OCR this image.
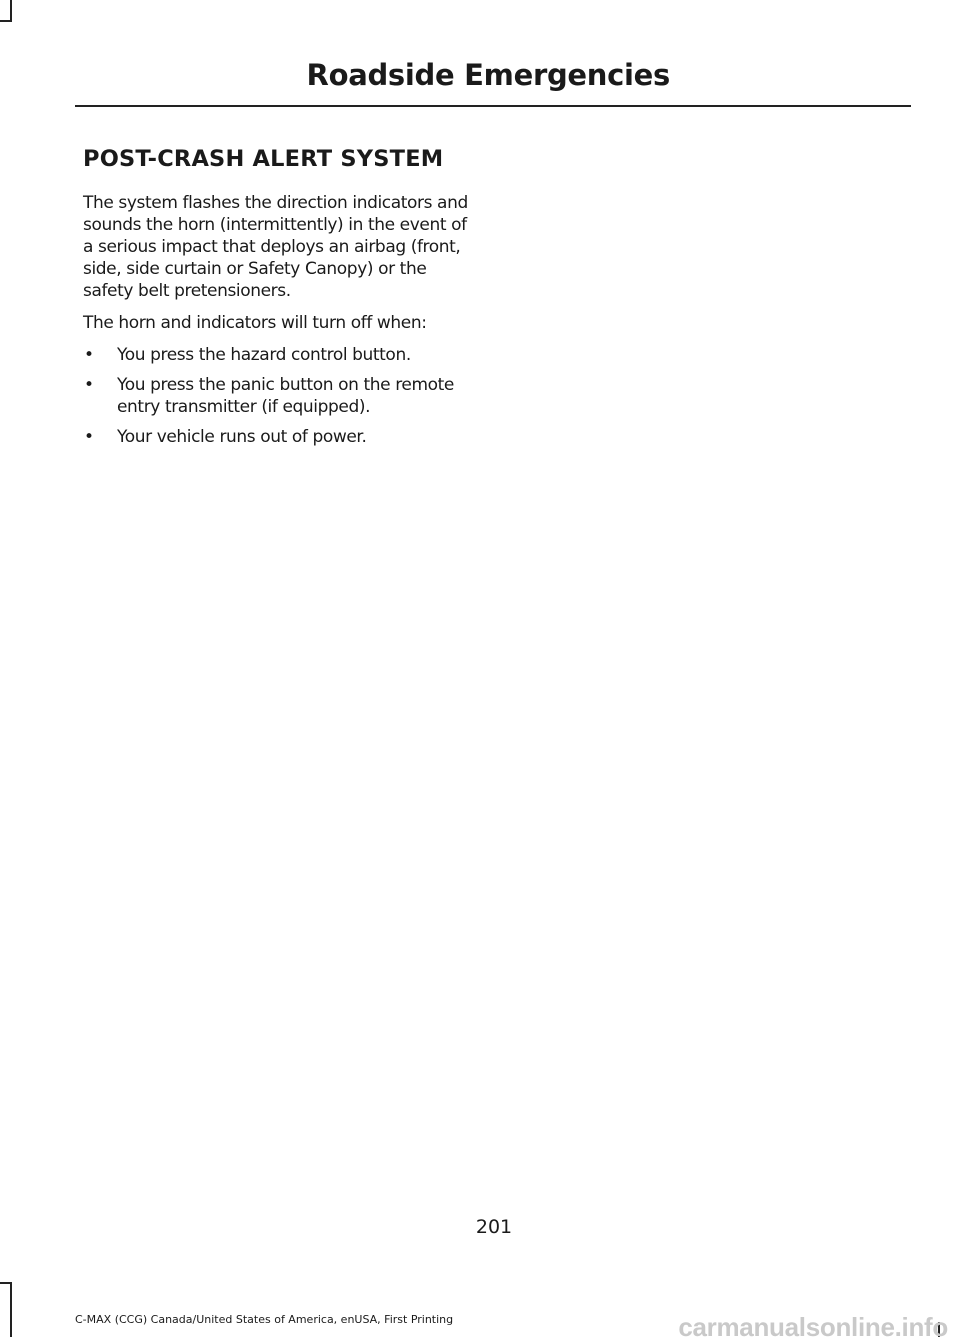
Roadside Emergencies
POST-CRASH ALERT SYSTEM

The system flashes the direction indicators and sounds the horn (intermittently) in the event of a serious impact that deploys an airbag (front, side, side curtain or Safety Canopy) or the safety belt pretensioners.

The horn and indicators will turn off when:

•	You press the hazard control button.
•	You press the panic button on the remote entry transmitter (if equipped).
•	Your vehicle runs out of power.
201
C-MAX (CCG) Canada/United States of America, enUSA, First Printing	carmanualsonline.info
